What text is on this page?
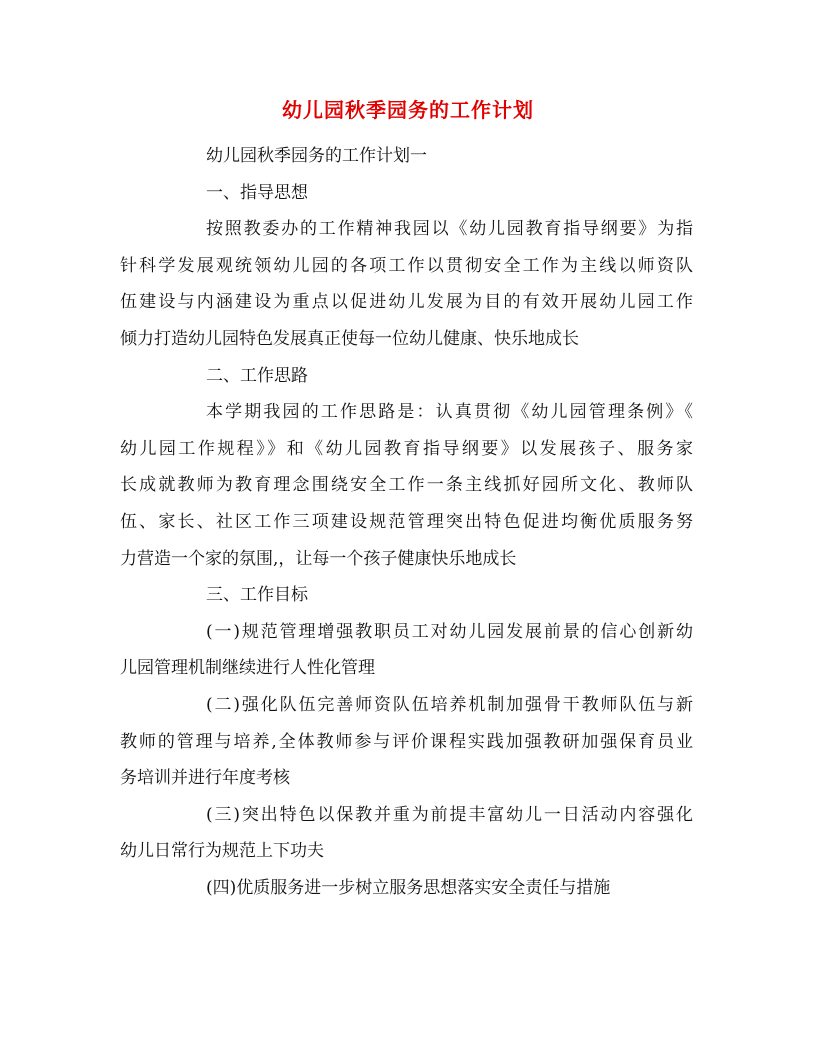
幼儿园秋季园务的工作计划
幼儿园秋季园务的工作计划一
一、指导思想
按照教委办的工作精神我园以《幼儿园教育指导纲要》为指
针科学发展观统领幼儿园的各项工作以贯彻安全工作为主线以师资队
伍建设与内涵建设为重点以促进幼儿发展为目的有效开展幼儿园工作
倾力打造幼儿园特色发展真正使每一位幼儿健康、快乐地成长
二、工作思路
本学期我园的工作思路是：认真贯彻《幼儿园管理条例》《
幼儿园工作规程》》和《幼儿园教育指导纲要》以发展孩子、服务家
长成就教师为教育理念围绕安全工作一条主线抓好园所文化、教师队
伍、家长、社区工作三项建设规范管理突出特色促进均衡优质服务努
力营造一个家的氛围,，让每一个孩子健康快乐地成长
三、工作目标
(一)规范管理增强教职员工对幼儿园发展前景的信心创新幼
儿园管理机制继续进行人性化管理
(二)强化队伍完善师资队伍培养机制加强骨干教师队伍与新
教师的管理与培养,全体教师参与评价课程实践加强教研加强保育员业
务培训并进行年度考核
(三)突出特色以保教并重为前提丰富幼儿一日活动内容强化
幼儿日常行为规范上下功夫
(四)优质服务进一步树立服务思想落实安全责任与措施
